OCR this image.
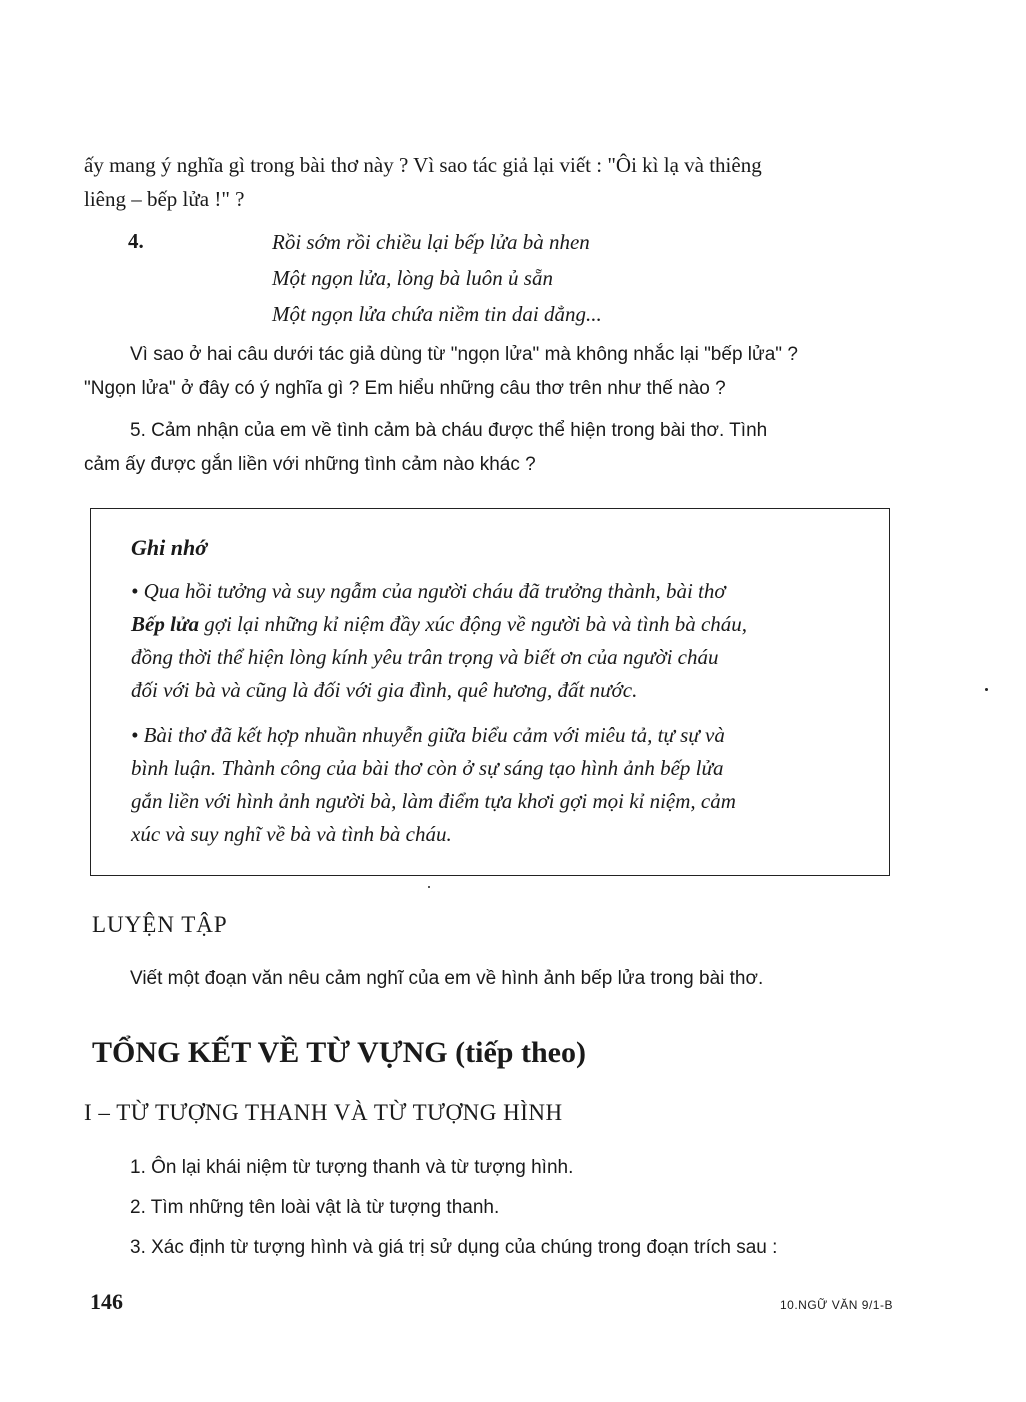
ấy mang ý nghĩa gì trong bài thơ này ? Vì sao tác giả lại viết : "Ôi kì lạ và thiêng
liêng – bếp lửa !" ?
4.	Rồi sớm rồi chiều lại bếp lửa bà nhen
Một ngọn lửa, lòng bà luôn ủ sẵn
Một ngọn lửa chứa niềm tin dai dẳng...
Vì sao ở hai câu dưới tác giả dùng từ "ngọn lửa" mà không nhắc lại "bếp lửa" ?
"Ngọn lửa" ở đây có ý nghĩa gì ? Em hiểu những câu thơ trên như thế nào ?
5. Cảm nhận của em về tình cảm bà cháu được thể hiện trong bài thơ. Tình
cảm ấy được gắn liền với những tình cảm nào khác ?
Ghi nhớ
• Qua hồi tưởng và suy ngẫm của người cháu đã trưởng thành, bài thơ
Bếp lửa gợi lại những kỉ niệm đầy xúc động về người bà và tình bà cháu,
đồng thời thể hiện lòng kính yêu trân trọng và biết ơn của người cháu
đối với bà và cũng là đối với gia đình, quê hương, đất nước.
• Bài thơ đã kết hợp nhuần nhuyễn giữa biểu cảm với miêu tả, tự sự và
bình luận. Thành công của bài thơ còn ở sự sáng tạo hình ảnh bếp lửa
gắn liền với hình ảnh người bà, làm điểm tựa khơi gợi mọi kỉ niệm, cảm
xúc và suy nghĩ về bà và tình bà cháu.
LUYỆN TẬP
Viết một đoạn văn nêu cảm nghĩ của em về hình ảnh bếp lửa trong bài thơ.
TỔNG KẾT VỀ TỪ VỰNG (tiếp theo)
I – TỪ TƯỢNG THANH VÀ TỪ TƯỢNG HÌNH
1. Ôn lại khái niệm từ tượng thanh và từ tượng hình.
2. Tìm những tên loài vật là từ tượng thanh.
3. Xác định từ tượng hình và giá trị sử dụng của chúng trong đoạn trích sau :
146	10.NGỮ VĂN 9/1-B
